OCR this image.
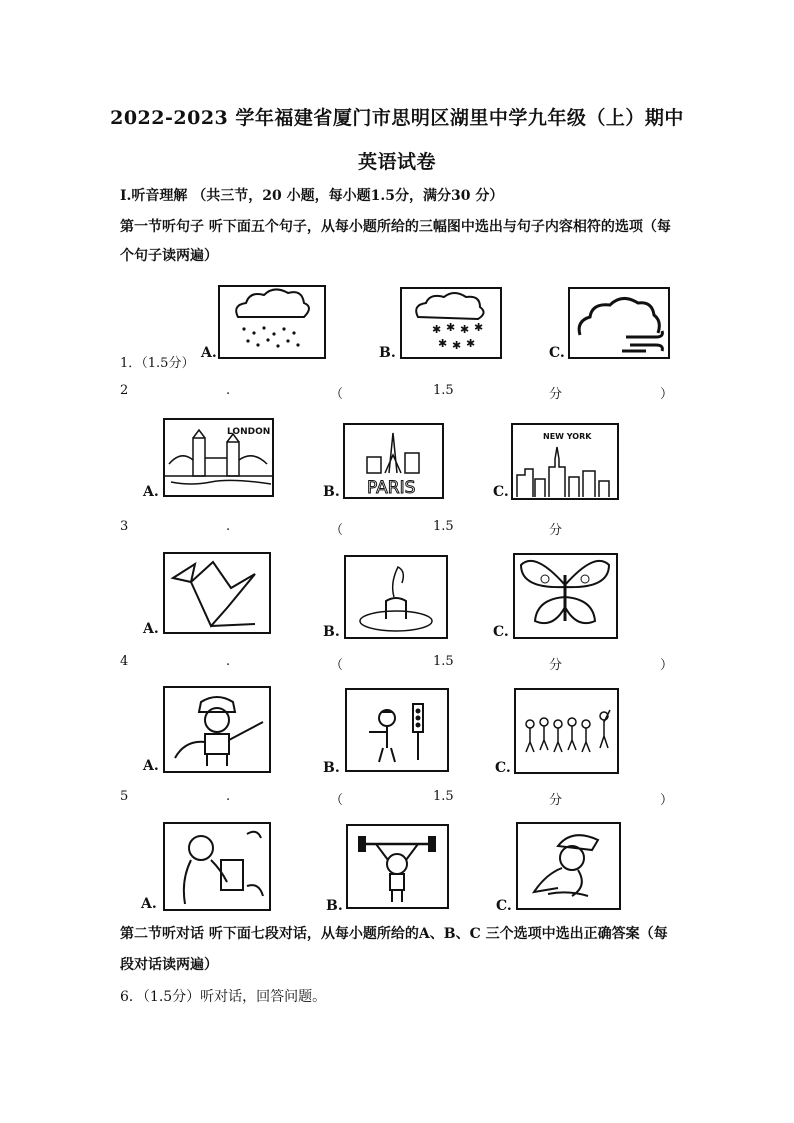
2022-2023 学年福建省厦门市思明区湖里中学九年级（上）期中
英语试卷
Ⅰ.听音理解 （共三节，20 小题，每小题1.5分，满分30 分）
第一节听句子 听下面五个句子，从每小题所给的三幅图中选出与句子内容相符的选项（每
个句子读两遍）
1．（1.5分）
A.	B.
✱ ✱ ✱ ✱
✱ ✱ ✱
C.
2	.	（	1.5	分	）
A.
LONDON
B. PARIS	C.
NEW YORK
3	.	（	1.5	分
A.	B.	C.
4	.	（	1.5	分	）
A.	B.	C.
5	.	（	1.5	分	）
A.	B.	C.
第二节听对话 听下面七段对话，从每小题所给的A、B、C 三个选项中选出正确答案（每
段对话读两遍）
6．（1.5分）听对话，回答问题。
